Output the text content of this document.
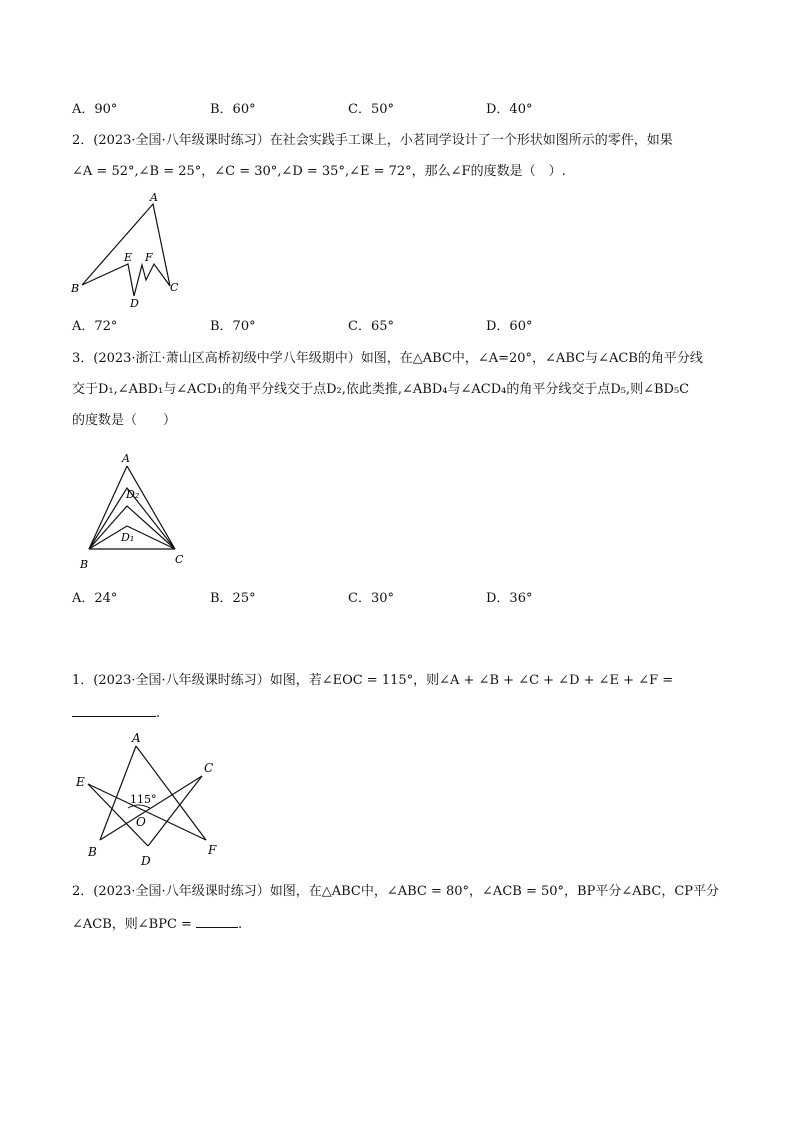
A．90°	B．60°	C．50°	D．40°
2．(2023·全国·八年级课时练习）在社会实践手工课上，小茗同学设计了一个形状如图所示的零件，如果
∠A = 52°,∠B = 25°，∠C = 30°,∠D = 35°,∠E = 72°，那么∠F的度数是（　）.
A
B	C
D
E F
A．72°	B．70°	C．65°	D．60°
3．(2023·浙江·萧山区高桥初级中学八年级期中）如图，在△ABC中，∠A=20°，∠ABC与∠ACB的角平分线
交于D₁,∠ABD₁与∠ACD₁的角平分线交于点D₂,依此类推,∠ABD₄与∠ACD₄的角平分线交于点D₅,则∠BD₅C
的度数是（　　）
A
B	C
D₂
D₁
A．24°	B．25°	C．30°	D．36°
1．(2023·全国·八年级课时练习）如图，若∠EOC = 115°，则∠A + ∠B + ∠C + ∠D + ∠E + ∠F =
.
A
B
C
D
E
F
O
115°
2．(2023·全国·八年级课时练习）如图，在△ABC中，∠ABC = 80°，∠ACB = 50°，BP平分∠ABC，CP平分
∠ACB，则∠BPC =	.
